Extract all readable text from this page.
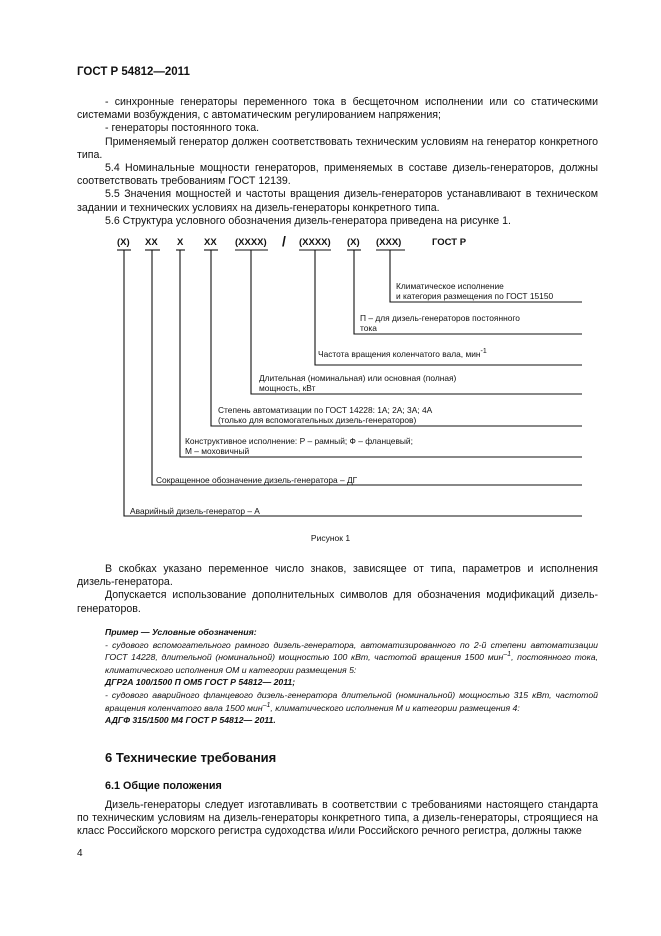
ГОСТ Р 54812—2011
- синхронные генераторы переменного тока в бесщеточном исполнении или со статическими системами возбуждения, с автоматическим регулированием напряжения;
- генераторы постоянного тока.
Применяемый генератор должен соответствовать техническим условиям на генератор конкретного типа.
5.4 Номинальные мощности генераторов, применяемых в составе дизель-генераторов, должны соответствовать требованиям ГОСТ 12139.
5.5 Значения мощностей и частоты вращения дизель-генераторов устанавливают в техническом задании и технических условиях на дизель-генераторы конкретного типа.
5.6 Структура условного обозначения дизель-генератора приведена на рисунке 1.
(X) XX X XX (XXXX) / (XXXX) (X) (XXX)	ГОСТ Р
Климатическое исполнение
и категория размещения по ГОСТ 15150
П – для дизель-генераторов постоянного
тока
Частота вращения коленчатого вала, мин$^{-1}$
Длительная (номинальная) или основная (полная)
мощность, кВт
Степень автоматизации по ГОСТ 14228: 1А; 2А; 3А; 4А
(только для вспомогательных дизель-генераторов)
Конструктивное исполнение: Р – рамный; Ф – фланцевый;
М – моховичный
Сокращенное обозначение дизель-генератора – ДГ
Аварийный дизель-генератор – А
Рисунок 1
В скобках указано переменное число знаков, зависящее от типа, параметров и исполнения дизель-генератора.
Допускается использование дополнительных символов для обозначения модификаций дизель-генераторов.
Пример — Условные обозначения:
- судового вспомогательного рамного дизель-генератора, автоматизированного по 2-й степени автоматизации ГОСТ 14228, длительной (номинальной) мощностью 100 кВт, частотой вращения 1500 мин$^{-1}$, постоянного тока, климатического исполнения ОМ и категории размещения 5:
ДГР2А 100/1500 П ОМ5 ГОСТ Р 54812— 2011;
- судового аварийного фланцевого дизель-генератора длительной (номинальной) мощностью 315 кВт, частотой вращения коленчатого вала 1500 мин$^{-1}$, климатического исполнения М и категории размещения 4:
АДГФ 315/1500 М4 ГОСТ Р 54812— 2011.
6 Технические требования
6.1 Общие положения
Дизель-генераторы следует изготавливать в соответствии с требованиями настоящего стандарта по техническим условиям на дизель-генераторы конкретного типа, а дизель-генераторы, строящиеся на класс Российского морского регистра судоходства и/или Российского речного регистра, должны также
4
